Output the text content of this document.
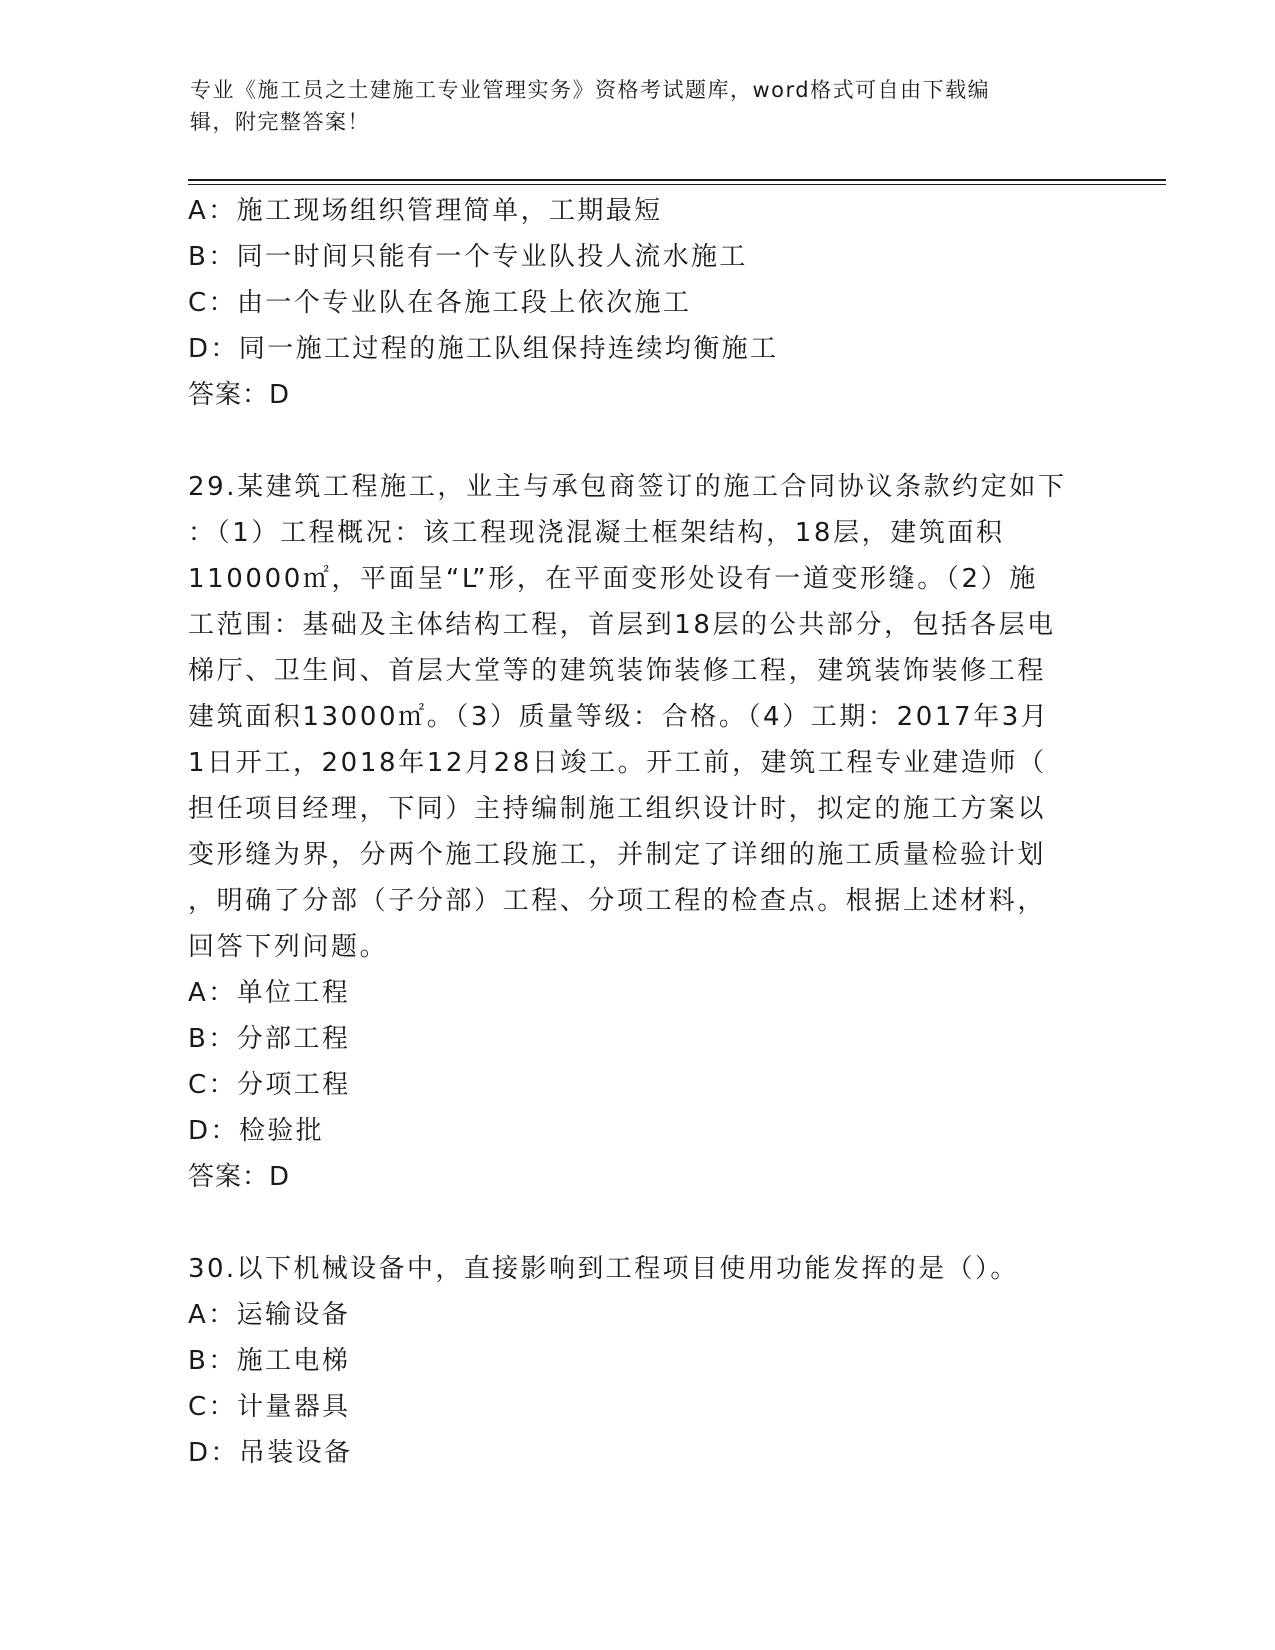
专业《施工员之土建施工专业管理实务》资格考试题库，word格式可自由下载编
辑，附完整答案！
A：施工现场组织管理简单，工期最短
B：同一时间只能有一个专业队投人流水施工
C：由一个专业队在各施工段上依次施工
D：同一施工过程的施工队组保持连续均衡施工
答案：D
29.某建筑工程施工，业主与承包商签订的施工合同协议条款约定如下
：（1）工程概况：该工程现浇混凝土框架结构，18层，建筑面积
110000㎡，平面呈“L”形，在平面变形处设有一道变形缝。（2）施
工范围：基础及主体结构工程，首层到18层的公共部分，包括各层电
梯厅、卫生间、首层大堂等的建筑装饰装修工程，建筑装饰装修工程
建筑面积13000㎡。（3）质量等级：合格。（4）工期：2017年3月
1日开工，2018年12月28日竣工。开工前，建筑工程专业建造师（
担任项目经理，下同）主持编制施工组织设计时，拟定的施工方案以
变形缝为界，分两个施工段施工，并制定了详细的施工质量检验计划
，明确了分部（子分部）工程、分项工程的检查点。根据上述材料，
回答下列问题。
A：单位工程
B：分部工程
C：分项工程
D：检验批
答案：D
30.以下机械设备中，直接影响到工程项目使用功能发挥的是（）。
A：运输设备
B：施工电梯
C：计量器具
D：吊装设备
